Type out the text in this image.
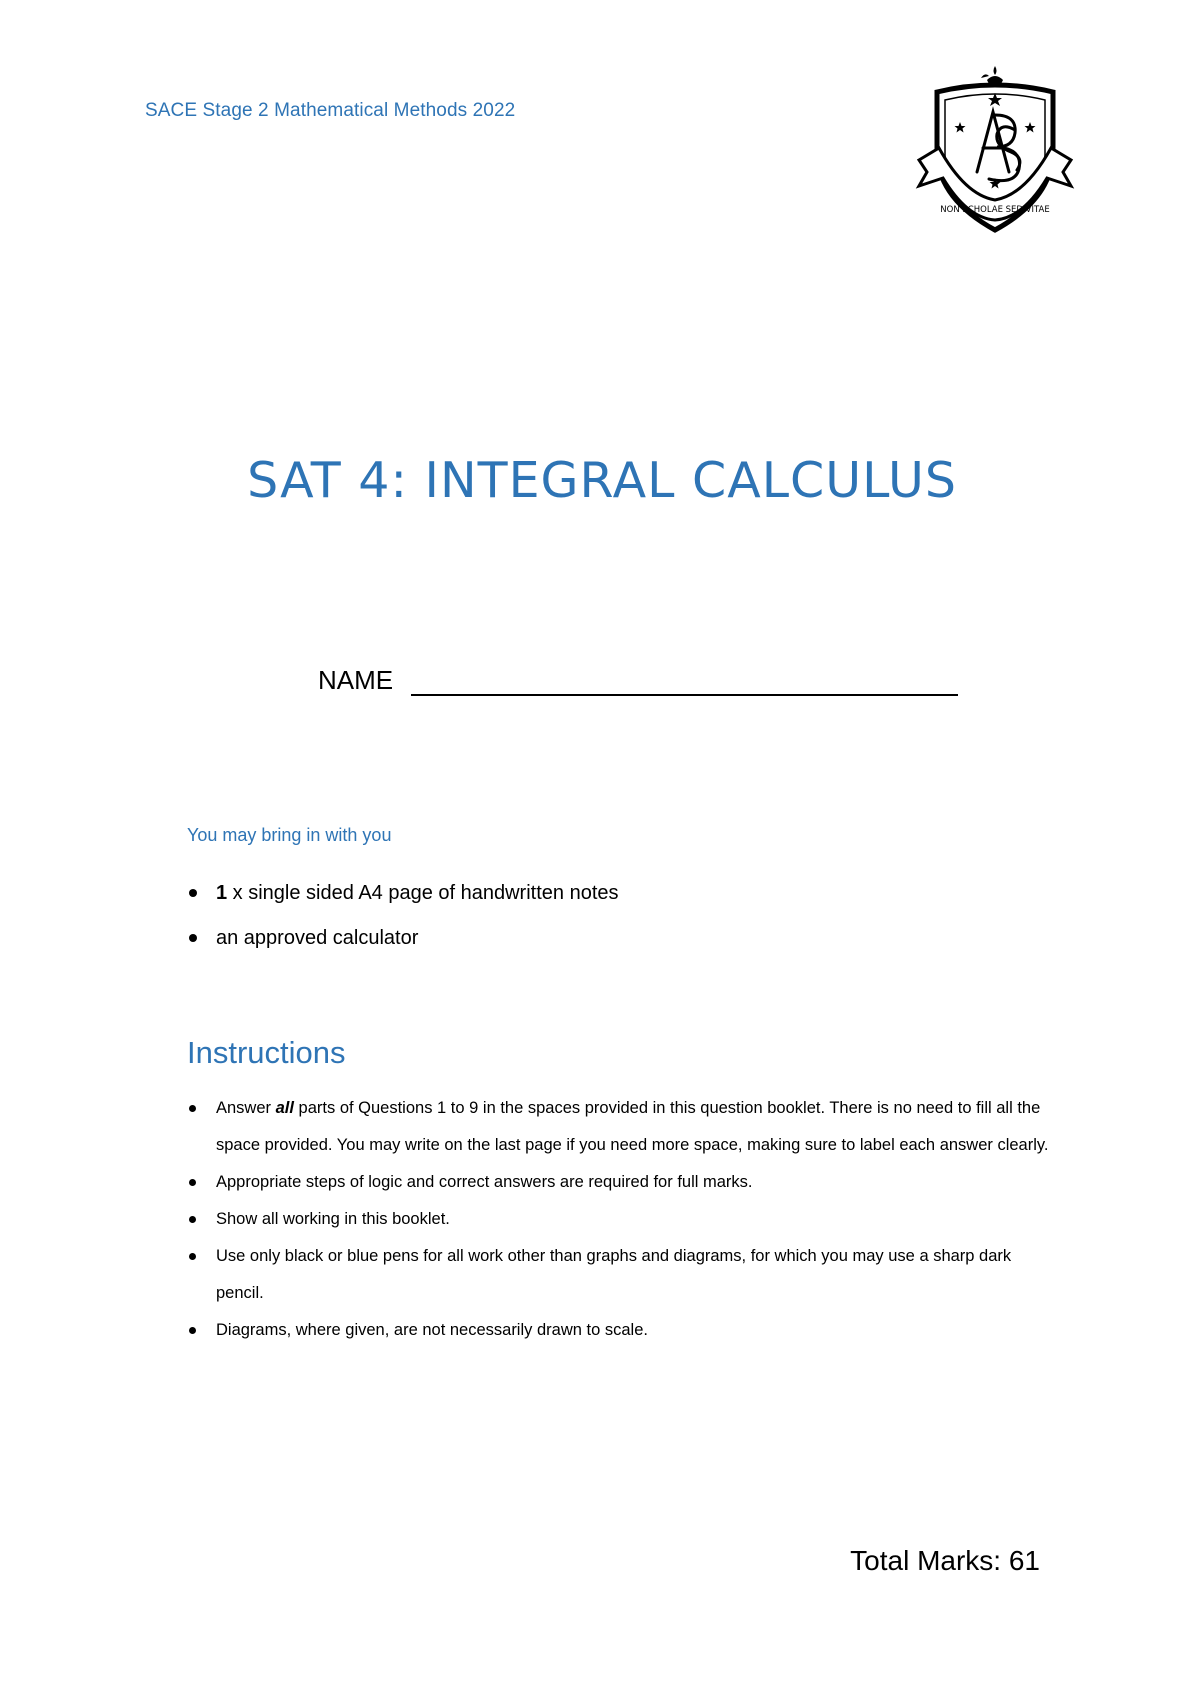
SACE Stage 2 Mathematical Methods 2022
NON SCHOLAE SED VITAE
SAT 4: INTEGRAL CALCULUS
NAME
You may bring in with you
1 x single sided A4 page of handwritten notes
an approved calculator
Instructions
Answer all parts of Questions 1 to 9 in the spaces provided in this question booklet. There is no need to fill all the space provided. You may write on the last page if you need more space, making sure to label each answer clearly.
Appropriate steps of logic and correct answers are required for full marks.
Show all working in this booklet.
Use only black or blue pens for all work other than graphs and diagrams, for which you may use a sharp dark pencil.
Diagrams, where given, are not necessarily drawn to scale.
Total Marks: 61
